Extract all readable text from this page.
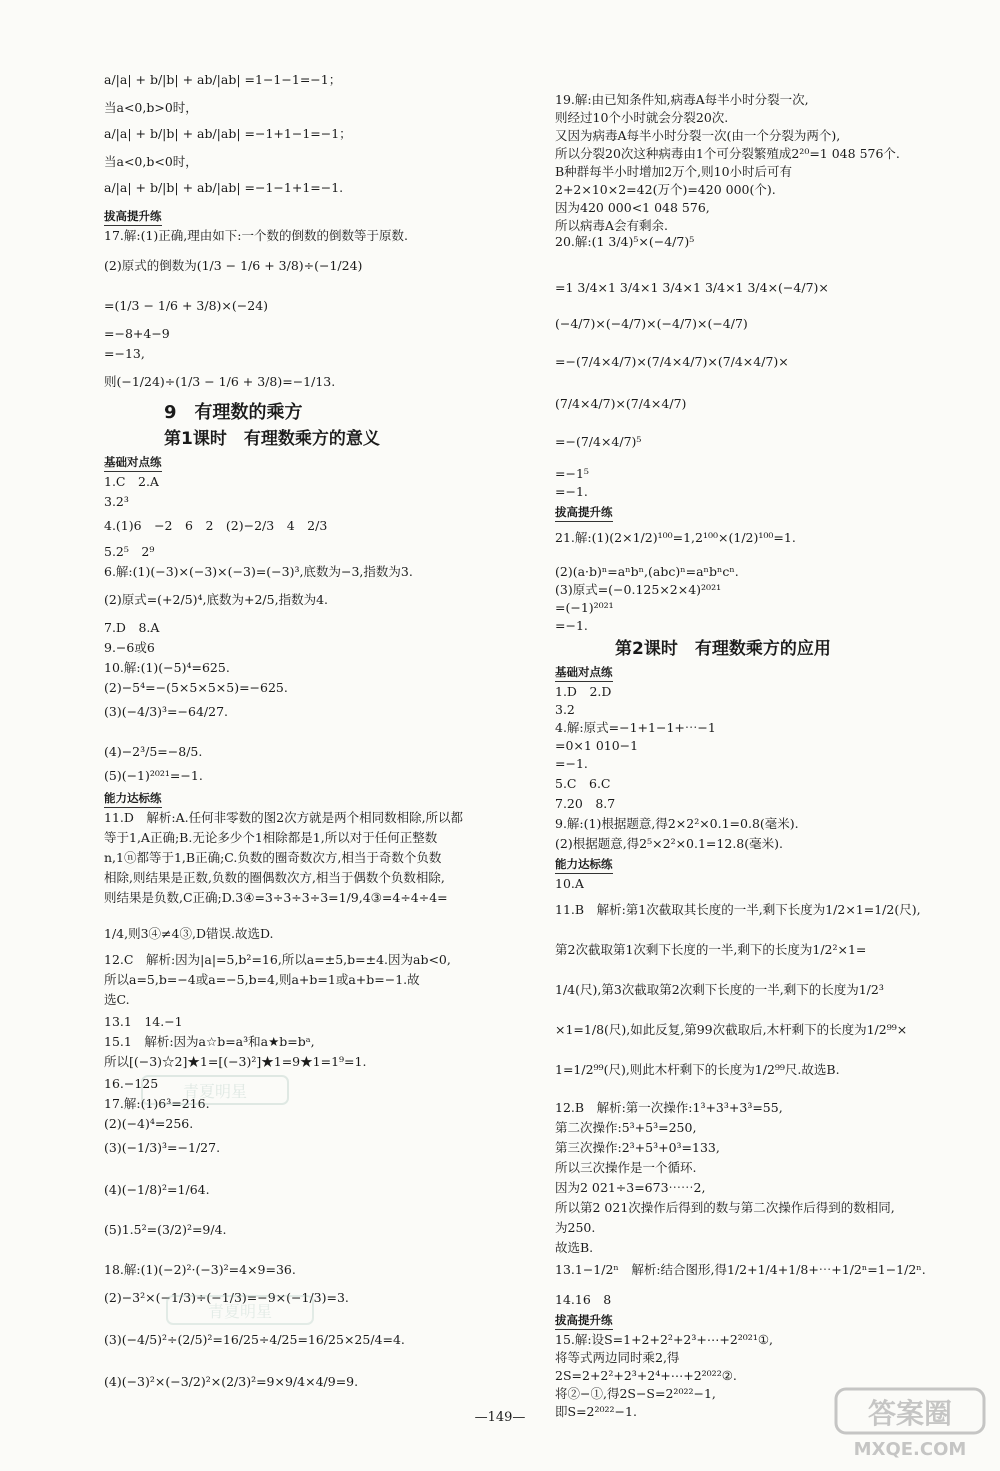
a/|a| + b/|b| + ab/|ab| =1−1−1=−1；
当a<0,b>0时，
a/|a| + b/|b| + ab/|ab| =−1+1−1=−1；
当a<0,b<0时，
a/|a| + b/|b| + ab/|ab| =−1−1+1=−1.
拔高提升练
17.解:(1)正确,理由如下:一个数的倒数的倒数等于原数.
(2)原式的倒数为(1/3 − 1/6 + 3/8)÷(−1/24)
=(1/3 − 1/6 + 3/8)×(−24)
=−8+4−9
=−13,
则(−1/24)÷(1/3 − 1/6 + 3/8)=−1/13.
9　有理数的乘方
第1课时　有理数乘方的意义
基础对点练
1.C　2.A
3.2³
4.(1)6　−2　6　2　(2)−2/3　4　2/3
5.2⁵　2⁹
6.解:(1)(−3)×(−3)×(−3)=(−3)³,底数为−3,指数为3.
(2)原式=(+2/5)⁴,底数为+2/5,指数为4.
7.D　8.A
9.−6或6
10.解:(1)(−5)⁴=625.
(2)−5⁴=−(5×5×5×5)=−625.
(3)(−4/3)³=−64/27.
(4)−2³/5=−8/5.
(5)(−1)²⁰²¹=−1.
能力达标练
11.D　解析:A.任何非零数的图2次方就是两个相同数相除,所以都
等于1,A正确;B.无论多少个1相除都是1,所以对于任何正整数
n,1ⓝ都等于1,B正确;C.负数的圈奇数次方,相当于奇数个负数
相除,则结果是正数,负数的圈偶数次方,相当于偶数个负数相除,
则结果是负数,C正确;D.3④=3÷3÷3÷3=1/9,4③=4÷4÷4=
1/4,则3④≠4③,D错误.故选D.
12.C　解析:因为|a|=5,b²=16,所以a=±5,b=±4.因为ab<0,
所以a=5,b=−4或a=−5,b=4,则a+b=1或a+b=−1.故
选C.
13.1　14.−1
15.1　解析:因为a☆b=a³和a★b=bᵃ,
所以[(−3)☆2]★1=[(−3)²]★1=9★1=1⁹=1.
16.−125
17.解:(1)6³=216.
(2)(−4)⁴=256.
(3)(−1/3)³=−1/27.
(4)(−1/8)²=1/64.
(5)1.5²=(3/2)²=9/4.
18.解:(1)(−2)²·(−3)²=4×9=36.
(2)−3²×(−1/3)÷(−1/3)=−9×(−1/3)=3.
(3)(−4/5)²÷(2/5)²=16/25÷4/25=16/25×25/4=4.
(4)(−3)²×(−3/2)²×(2/3)²=9×9/4×4/9=9.
19.解:由已知条件知,病毒A每半小时分裂一次,
则经过10个小时就会分裂20次.
又因为病毒A每半小时分裂一次(由一个分裂为两个),
所以分裂20次这种病毒由1个可分裂繁殖成2²⁰=1 048 576个.
B种群每半小时增加2万个,则10小时后可有
2+2×10×2=42(万个)=420 000(个).
因为420 000<1 048 576,
所以病毒A会有剩余.
20.解:(1 3/4)⁵×(−4/7)⁵
=1 3/4×1 3/4×1 3/4×1 3/4×1 3/4×(−4/7)×
(−4/7)×(−4/7)×(−4/7)×(−4/7)
=−(7/4×4/7)×(7/4×4/7)×(7/4×4/7)×
(7/4×4/7)×(7/4×4/7)
=−(7/4×4/7)⁵
=−1⁵
=−1.
拔高提升练
21.解:(1)(2×1/2)¹⁰⁰=1,2¹⁰⁰×(1/2)¹⁰⁰=1.
(2)(a·b)ⁿ=aⁿbⁿ,(abc)ⁿ=aⁿbⁿcⁿ.
(3)原式=(−0.125×2×4)²⁰²¹
=(−1)²⁰²¹
=−1.
第2课时　有理数乘方的应用
基础对点练
1.D　2.D
3.2
4.解:原式=−1+1−1+⋯−1
=0×1 010−1
=−1.
5.C　6.C
7.20　8.7
9.解:(1)根据题意,得2×2²×0.1=0.8(毫米).
(2)根据题意,得2⁵×2²×0.1=12.8(毫米).
能力达标练
10.A
11.B　解析:第1次截取其长度的一半,剩下长度为1/2×1=1/2(尺),
第2次截取第1次剩下长度的一半,剩下的长度为1/2²×1=
1/4(尺),第3次截取第2次剩下长度的一半,剩下的长度为1/2³
×1=1/8(尺),如此反复,第99次截取后,木杆剩下的长度为1/2⁹⁹×
1=1/2⁹⁹(尺),则此木杆剩下的长度为1/2⁹⁹尺.故选B.
12.B　解析:第一次操作:1³+3³+3³=55,
第二次操作:5³+5³=250,
第三次操作:2³+5³+0³=133,
所以三次操作是一个循环.
因为2 021÷3=673⋯⋯2,
所以第2 021次操作后得到的数与第二次操作后得到的数相同,
为250.
故选B.
13.1−1/2ⁿ　解析:结合图形,得1/2+1/4+1/8+⋯+1/2ⁿ=1−1/2ⁿ.
14.16　8
拔高提升练
15.解:设S=1+2+2²+2³+⋯+2²⁰²¹①,
将等式两边同时乘2,得
2S=2+2²+2³+2⁴+⋯+2²⁰²²②.
将②−①,得2S−S=2²⁰²²−1,
即S=2²⁰²²−1.
—149—
青夏明星
青夏明星
答案圈
MXQE.COM
